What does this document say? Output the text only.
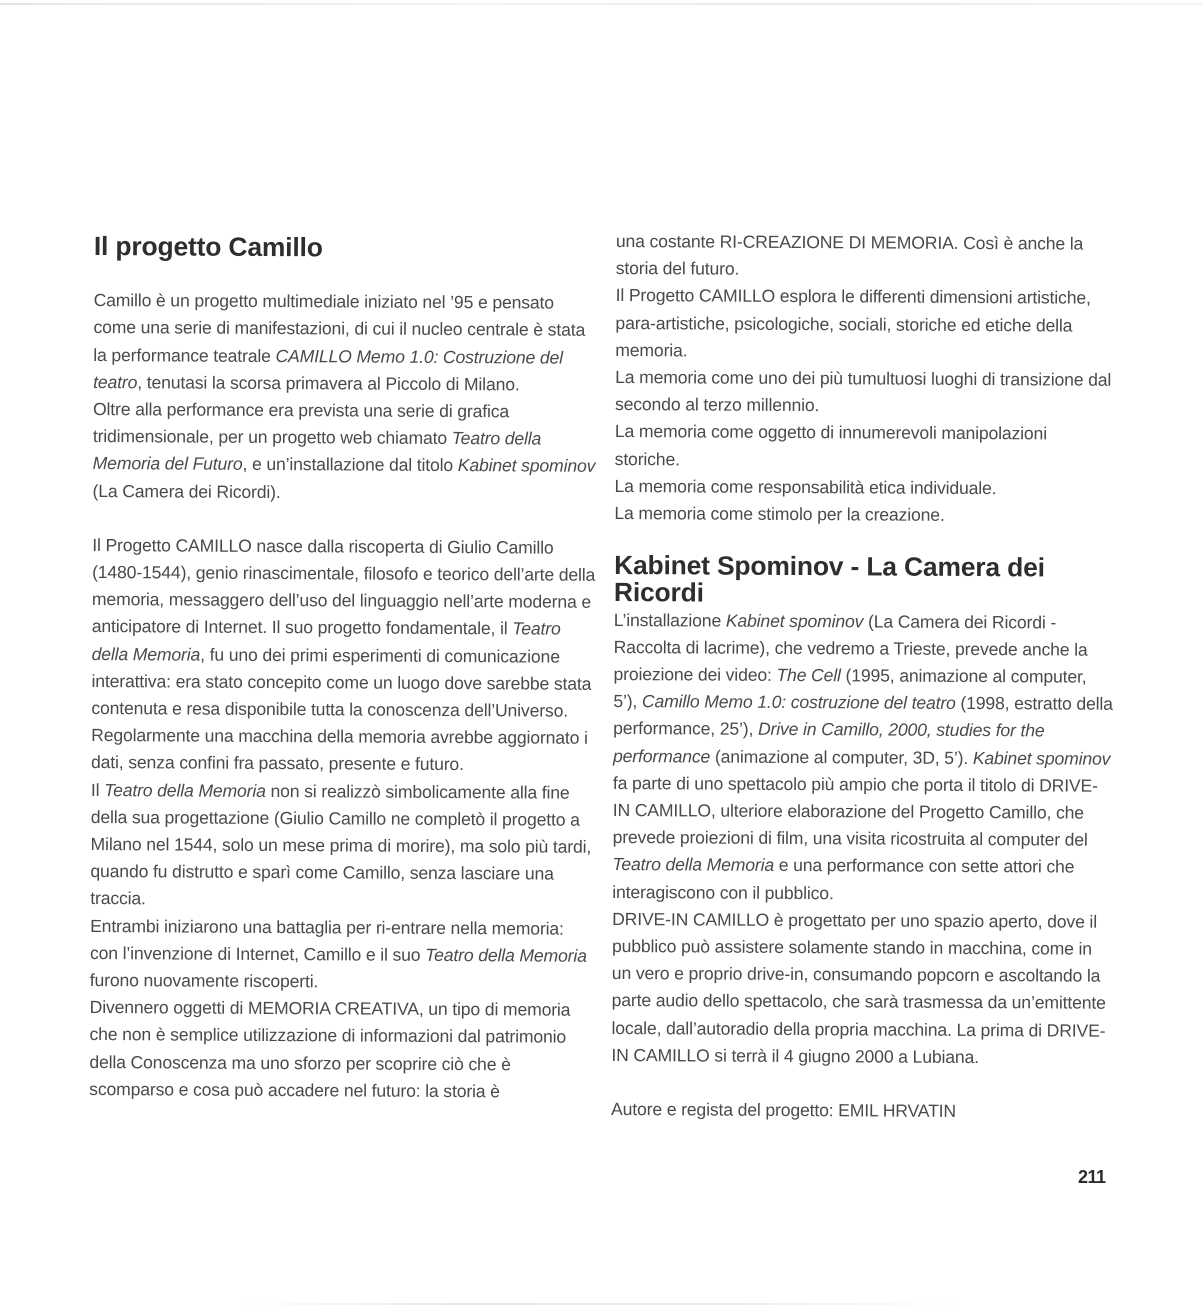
Il progetto Camillo

Camillo è un progetto multimediale iniziato nel ’95 e pensato come una serie di manifestazioni, di cui il nucleo centrale è stata la performance teatrale CAMILLO Memo 1.0: Costruzione del teatro, tenutasi la scorsa primavera al Piccolo di Milano.

Oltre alla performance era prevista una serie di grafica tridimensionale, per un progetto web chiamato Teatro della Memoria del Futuro, e un’installazione dal titolo Kabinet spominov (La Camera dei Ricordi).

Il Progetto CAMILLO nasce dalla riscoperta di Giulio Camillo (1480-1544), genio rinascimentale, filosofo e teorico dell’arte della memoria, messaggero dell’uso del linguaggio nell’arte moderna e anticipatore di Internet. Il suo progetto fondamentale, il Teatro della Memoria, fu uno dei primi esperimenti di comunicazione interattiva: era stato concepito come un luogo dove sarebbe stata contenuta e resa disponibile tutta la conoscenza dell’Universo. Regolarmente una macchina della memoria avrebbe aggiornato i dati, senza confini fra passato, presente e futuro.

Il Teatro della Memoria non si realizzò simbolicamente alla fine della sua progettazione (Giulio Camillo ne completò il progetto a Milano nel 1544, solo un mese prima di morire), ma solo più tardi, quando fu distrutto e sparì come Camillo, senza lasciare una traccia.

Entrambi iniziarono una battaglia per ri-entrare nella memoria: con l’invenzione di Internet, Camillo e il suo Teatro della Memoria furono nuovamente riscoperti.

Divennero oggetti di MEMORIA CREATIVA, un tipo di memoria che non è semplice utilizzazione di informazioni dal patrimonio della Conoscenza ma uno sforzo per scoprire ciò che è scomparso e cosa può accadere nel futuro: la storia è

una costante RI-CREAZIONE DI MEMORIA. Così è anche la storia del futuro.

Il Progetto CAMILLO esplora le differenti dimensioni artistiche, para-artistiche, psicologiche, sociali, storiche ed etiche della memoria.

La memoria come uno dei più tumultuosi luoghi di transizione dal secondo al terzo millennio.

La memoria come oggetto di innumerevoli manipolazioni storiche.

La memoria come responsabilità etica individuale.

La memoria come stimolo per la creazione.

Kabinet Spominov - La Camera dei Ricordi

L’installazione Kabinet spominov (La Camera dei Ricordi - Raccolta di lacrime), che vedremo a Trieste, prevede anche la proiezione dei video: The Cell (1995, animazione al computer, 5’), Camillo Memo 1.0: costruzione del teatro (1998, estratto della performance, 25’), Drive in Camillo, 2000, studies for the performance (animazione al computer, 3D, 5’). Kabinet spominov fa parte di uno spettacolo più ampio che porta il titolo di DRIVE-IN CAMILLO, ulteriore elaborazione del Progetto Camillo, che prevede proiezioni di film, una visita ricostruita al computer del Teatro della Memoria e una performance con sette attori che interagiscono con il pubblico.

DRIVE-IN CAMILLO è progettato per uno spazio aperto, dove il pubblico può assistere solamente stando in macchina, come in un vero e proprio drive-in, consumando popcorn e ascoltando la parte audio dello spettacolo, che sarà trasmessa da un’emittente locale, dall’autoradio della propria macchina. La prima di DRIVE-IN CAMILLO si terrà il 4 giugno 2000 a Lubiana.

Autore e regista del progetto: EMIL HRVATIN

211
